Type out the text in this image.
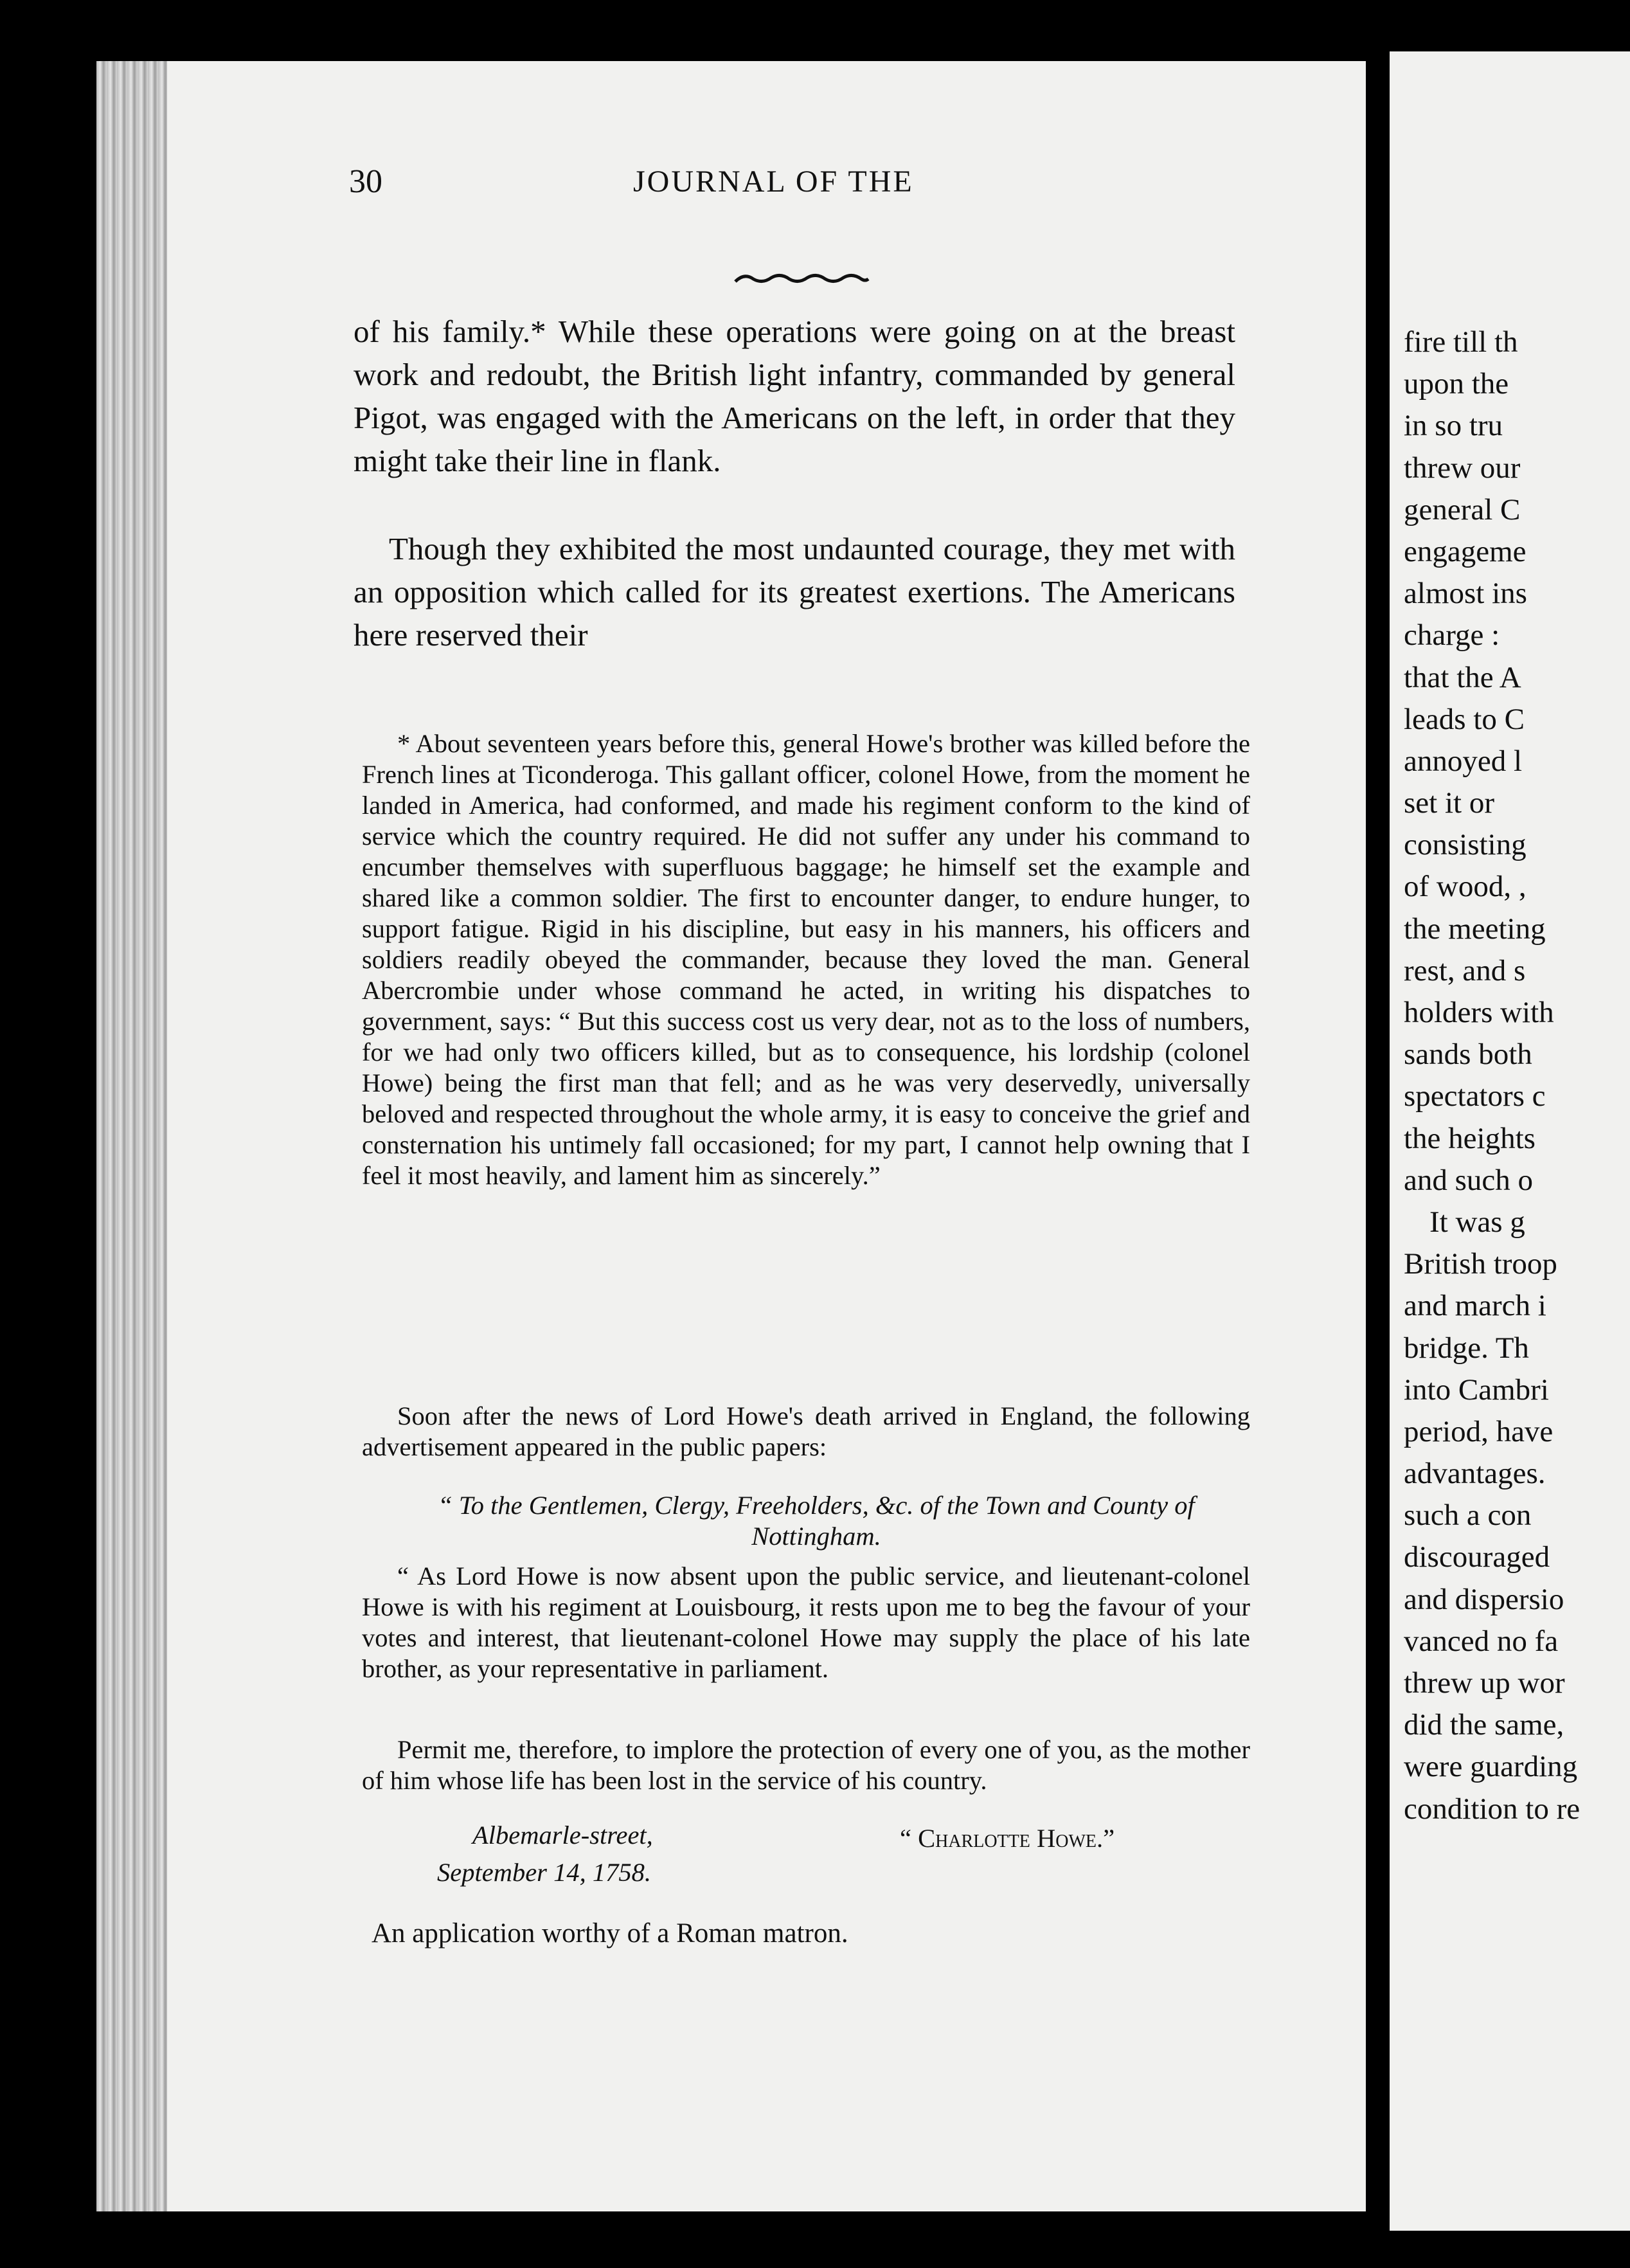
30	JOURNAL OF THE
of his family.* While these operations were going on at the breast work and redoubt, the British light infantry, commanded by general Pigot, was engaged with the Americans on the left, in order that they might take their line in flank.
Though they exhibited the most undaunted courage, they met with an opposition which called for its greatest exertions. The Americans here reserved their
* About seventeen years before this, general Howe's brother was killed before the French lines at Ticonderoga. This gallant officer, colonel Howe, from the moment he landed in America, had conformed, and made his regiment conform to the kind of service which the country required. He did not suffer any under his command to encumber themselves with superfluous baggage; he himself set the example and shared like a common soldier. The first to encounter danger, to endure hunger, to support fatigue. Rigid in his discipline, but easy in his manners, his officers and soldiers readily obeyed the commander, because they loved the man. General Abercrombie under whose command he acted, in writing his dispatches to government, says: “ But this success cost us very dear, not as to the loss of numbers, for we had only two officers killed, but as to consequence, his lordship (colonel Howe) being the first man that fell; and as he was very deservedly, universally beloved and respected throughout the whole army, it is easy to conceive the grief and consternation his untimely fall occasioned; for my part, I cannot help owning that I feel it most heavily, and lament him as sincerely.”
Soon after the news of Lord Howe's death arrived in England, the following advertisement appeared in the public papers:
“ To the Gentlemen, Clergy, Freeholders, &c. of the Town and County of Nottingham.
“ As Lord Howe is now absent upon the public service, and lieutenant-colonel Howe is with his regiment at Louisbourg, it rests upon me to beg the favour of your votes and interest, that lieutenant-colonel Howe may supply the place of his late brother, as your representative in parliament.
Permit me, therefore, to implore the protection of every one of you, as the mother of him whose life has been lost in the service of his country.
Albemarle-street,	“ Charlotte Howe.”
September 14, 1758.
An application worthy of a Roman matron.
fire till th
upon the
in so tru
threw our
general C
engageme
almost ins
charge :
that the A
leads to C
annoyed l
set it or
consisting
of wood, ,
the meeting
rest, and s
holders with
sands both
spectators c
the heights
and such o
It was g
British troop
and march i
bridge. Th
into Cambri
period, have
advantages.
such a con
discouraged
and dispersio
vanced no fa
threw up wor
did the same,
were guarding
condition to re
